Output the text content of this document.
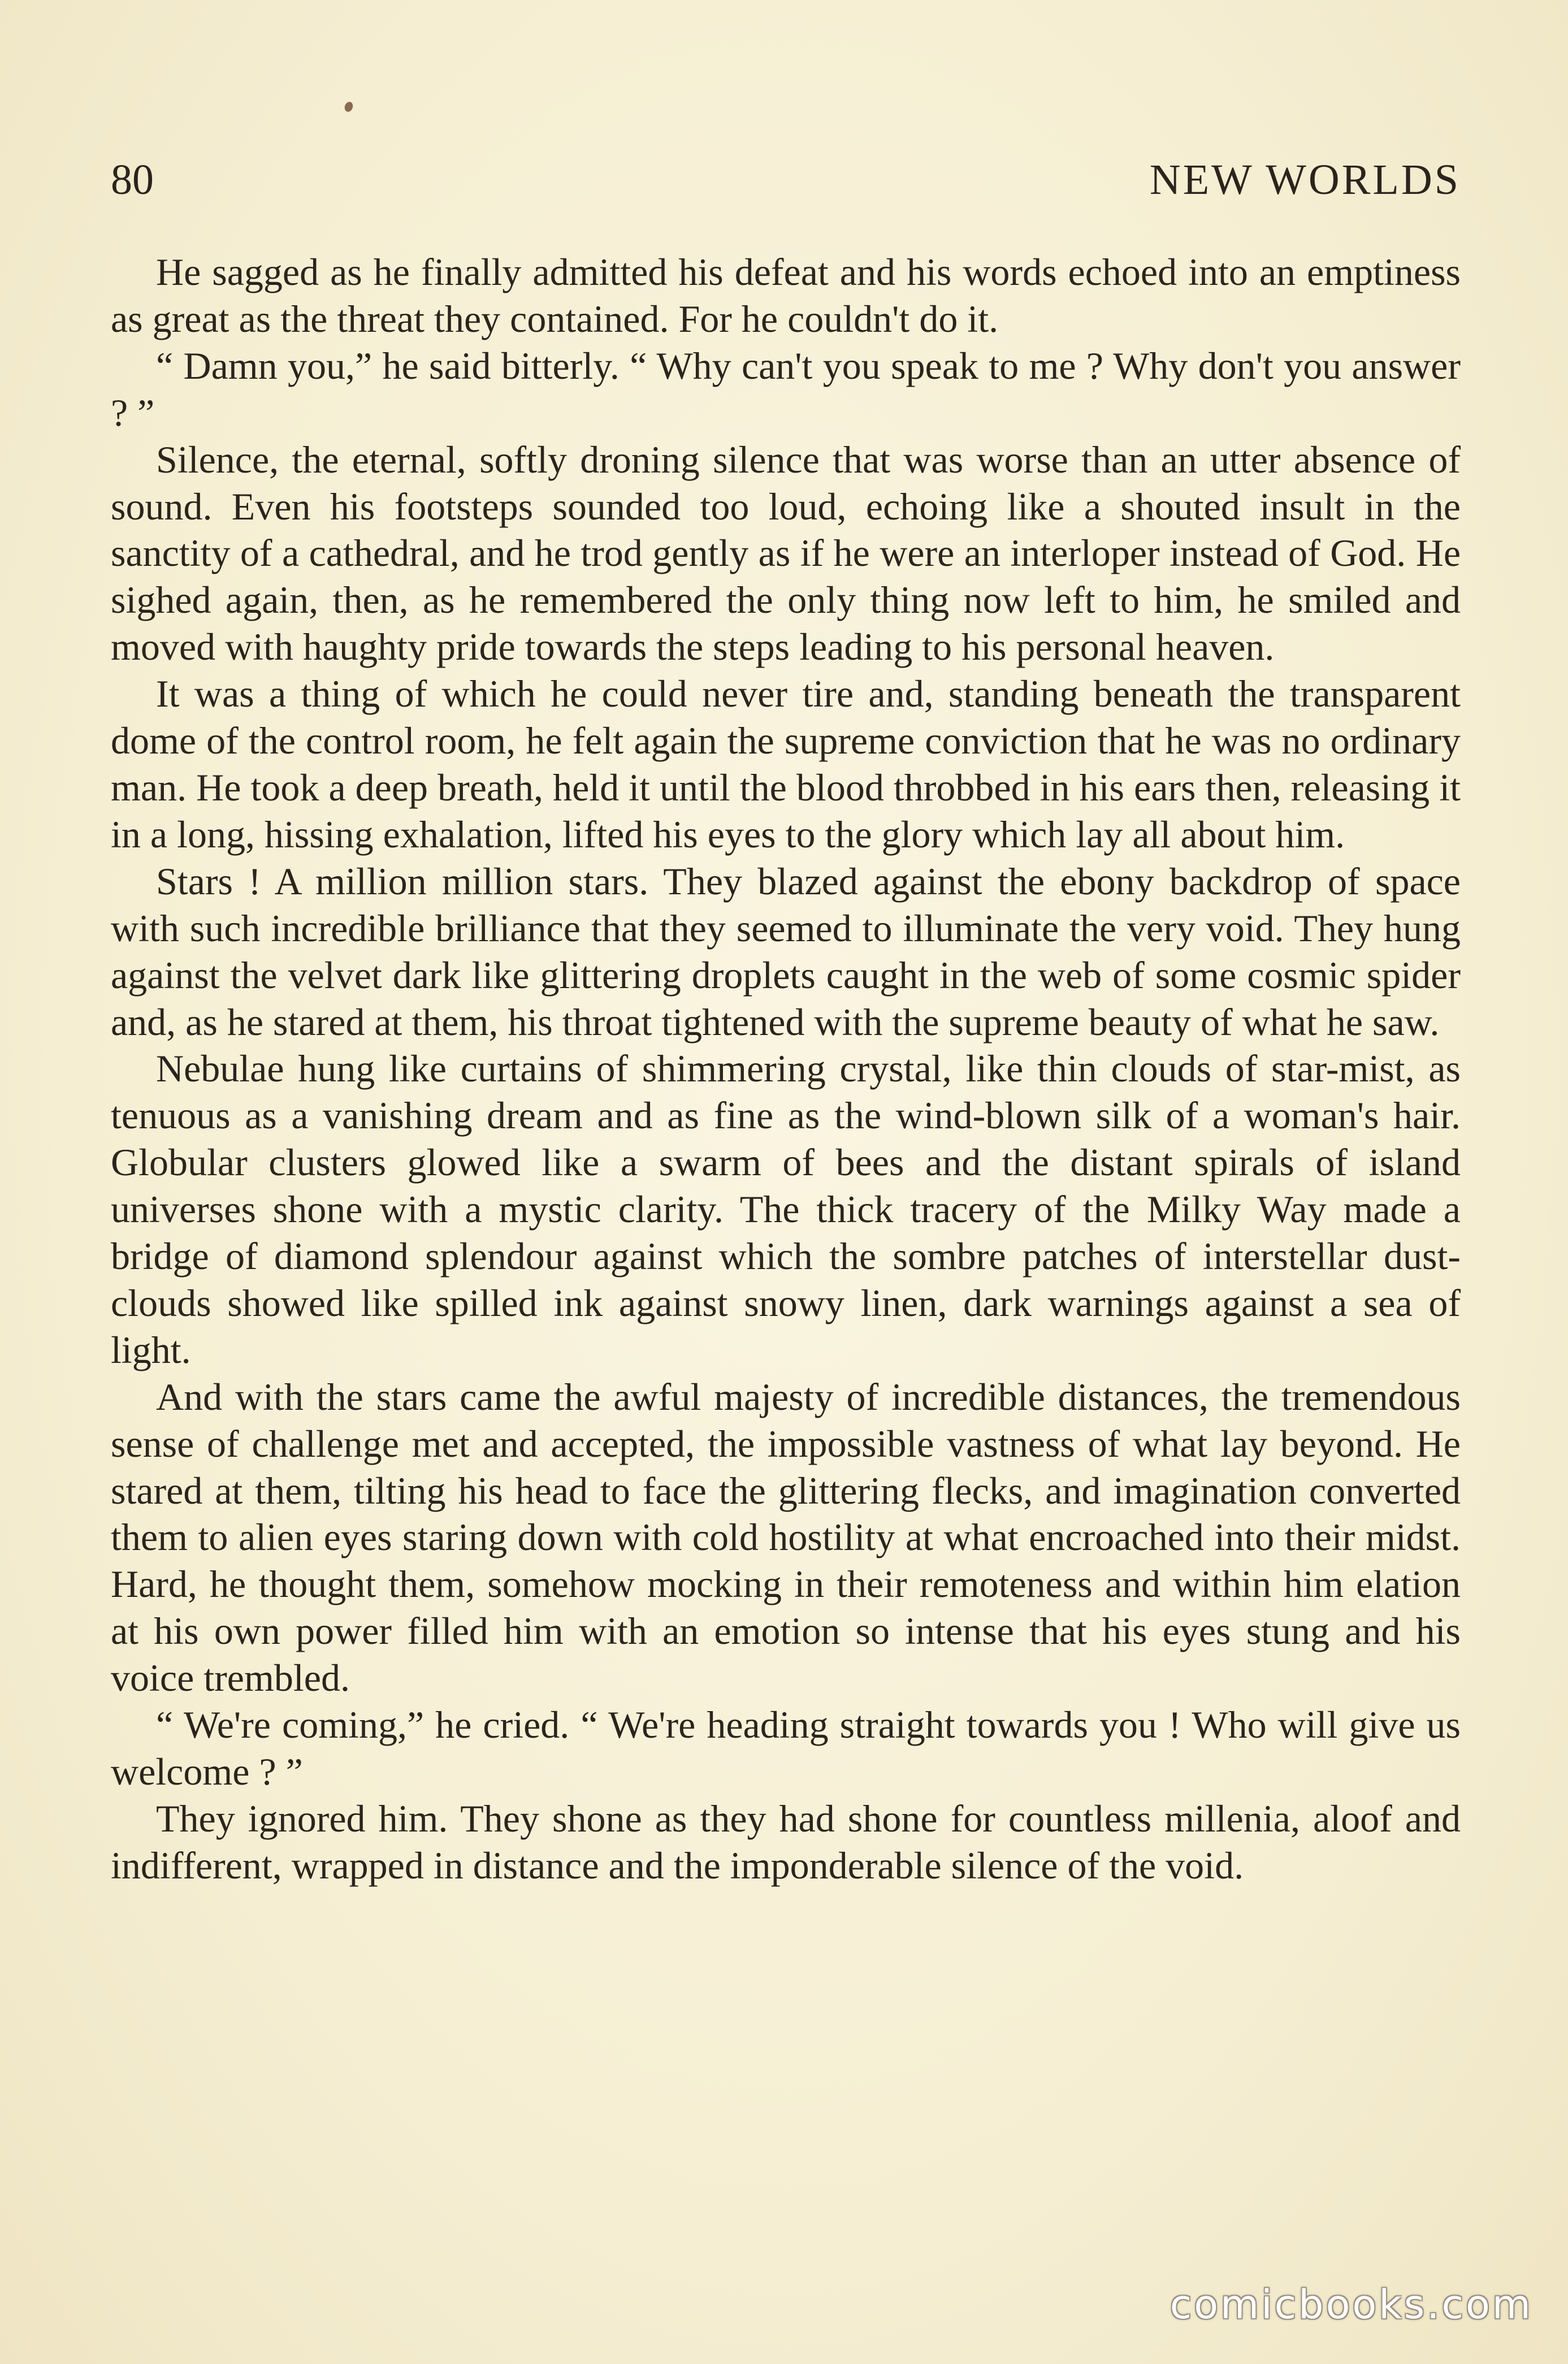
80	NEW WORLDS

He sagged as he finally admitted his defeat and his words echoed into an emptiness as great as the threat they contained. For he couldn't do it.

“ Damn you,” he said bitterly. “ Why can't you speak to me ? Why don't you answer ? ”

Silence, the eternal, softly droning silence that was worse than an utter absence of sound. Even his footsteps sounded too loud, echoing like a shouted insult in the sanctity of a cathedral, and he trod gently as if he were an interloper instead of God. He sighed again, then, as he remembered the only thing now left to him, he smiled and moved with haughty pride towards the steps leading to his personal heaven.

It was a thing of which he could never tire and, standing beneath the transparent dome of the control room, he felt again the supreme conviction that he was no ordinary man. He took a deep breath, held it until the blood throbbed in his ears then, releasing it in a long, hissing exhalation, lifted his eyes to the glory which lay all about him.

Stars ! A million million stars. They blazed against the ebony backdrop of space with such incredible brilliance that they seemed to illuminate the very void. They hung against the velvet dark like glittering droplets caught in the web of some cosmic spider and, as he stared at them, his throat tightened with the supreme beauty of what he saw.

Nebulae hung like curtains of shimmering crystal, like thin clouds of star-mist, as tenuous as a vanishing dream and as fine as the wind-blown silk of a woman's hair. Globular clusters glowed like a swarm of bees and the distant spirals of island universes shone with a mystic clarity. The thick tracery of the Milky Way made a bridge of diamond splendour against which the sombre patches of interstellar dust-clouds showed like spilled ink against snowy linen, dark warnings against a sea of light.

And with the stars came the awful majesty of incredible distances, the tremendous sense of challenge met and accepted, the impossible vastness of what lay beyond. He stared at them, tilting his head to face the glittering flecks, and imagination converted them to alien eyes staring down with cold hostility at what encroached into their midst. Hard, he thought them, somehow mocking in their remoteness and within him elation at his own power filled him with an emotion so intense that his eyes stung and his voice trembled.

“ We're coming,” he cried. “ We're heading straight towards you ! Who will give us welcome ? ”

They ignored him. They shone as they had shone for countless millenia, aloof and indifferent, wrapped in distance and the imponderable silence of the void.

comicbooks.com
